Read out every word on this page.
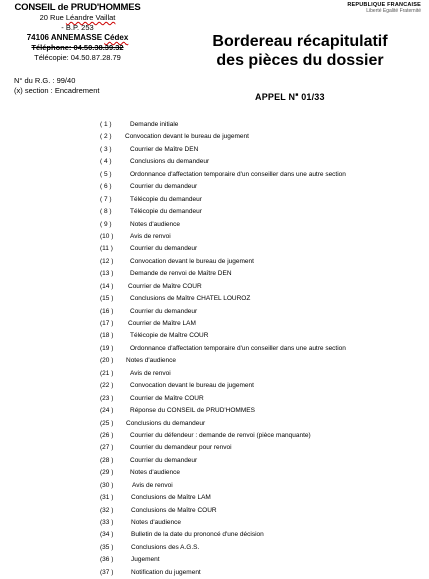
CONSEIL de PRUD'HOMMES
20 Rue Léandre Vaillat
- B.P. 253
74106 ANNEMASSE Cédex
Téléphone: 04.50.38.39.32
Télécopie: 04.50.87.28.79
REPUBLIQUE FRANCAISE
Liberté Egalité Fraternité
N° du R.G. : 99/40
(x) section : Encadrement
Bordereau récapitulatif
des pièces du dossier
APPEL N■ 01/33
( 1 )	Demande initiale
( 2 )	Convocation devant le bureau de jugement
( 3 )	Courrier de Maître DEN
( 4 )	Conclusions du demandeur
( 5 )	Ordonnance d'affectation temporaire d'un conseiller dans une autre section
( 6 )	Courrier du demandeur
( 7 )	Télécopie du demandeur
( 8 )	Télécopie du demandeur
( 9 )	Notes d'audience
(10 )	Avis de renvoi
(11 )	Courrier du demandeur
(12 )	Convocation devant le bureau de jugement
(13 )	Demande de renvoi de Maître DEN
(14 )	Courrier de Maître COUR
(15 )	Conclusions de Maître CHATEL LOUROZ
(16 )	Courrier du demandeur
(17 )	Courrier de Maître LAM
(18 )	Télécopie de Maître COUR
(19 )	Ordonnance d'affectation temporaire d'un conseiller dans une autre section
(20 )	Notes d'audience
(21 )	Avis de renvoi
(22 )	Convocation devant le bureau de jugement
(23 )	Courrier de Maître COUR
(24 )	Réponse du CONSEIL de PRUD'HOMMES
(25 )	Conclusions du demandeur
(26 )	Courrier du défendeur : demande de renvoi (pièce manquante)
(27 )	Courrier du demandeur pour renvoi
(28 )	Courrier du demandeur
(29 )	Notes d'audience
(30 )	Avis de renvoi
(31 )	Conclusions de Maître LAM
(32 )	Conclusions de Maître COUR
(33 )	Notes d'audience
(34 )	Bulletin de la date du prononcé d'une décision
(35 )	Conclusions des A.G.S.
(36 )	Jugement
(37 )	Notification du jugement
